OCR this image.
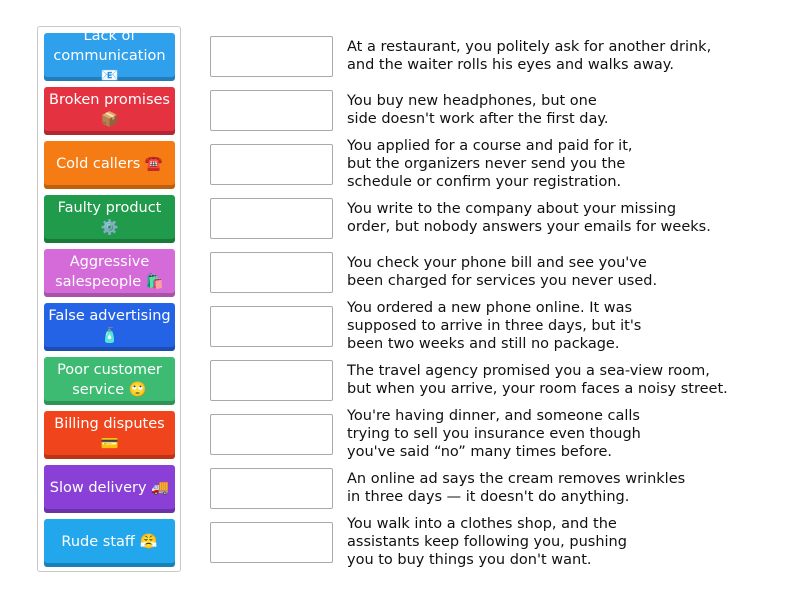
Lack of communication 📧
Broken promises 📦
Cold callers ☎️
Faulty product ⚙️
Aggressive salespeople 🛍️
False advertising 🧴
Poor customer service 🙄
Billing disputes 💳
Slow delivery 🚚
Rude staff 😤
At a restaurant, you politely ask for another drink,
and the waiter rolls his eyes and walks away.
You buy new headphones, but one
side doesn't work after the first day.
You applied for a course and paid for it,
but the organizers never send you the
schedule or confirm your registration.
You write to the company about your missing
order, but nobody answers your emails for weeks.
You check your phone bill and see you've
been charged for services you never used.
You ordered a new phone online. It was
supposed to arrive in three days, but it's
been two weeks and still no package.
The travel agency promised you a sea-view room,
but when you arrive, your room faces a noisy street.
You're having dinner, and someone calls
trying to sell you insurance even though
you've said “no” many times before.
An online ad says the cream removes wrinkles
in three days — it doesn't do anything.
You walk into a clothes shop, and the
assistants keep following you, pushing
you to buy things you don't want.
